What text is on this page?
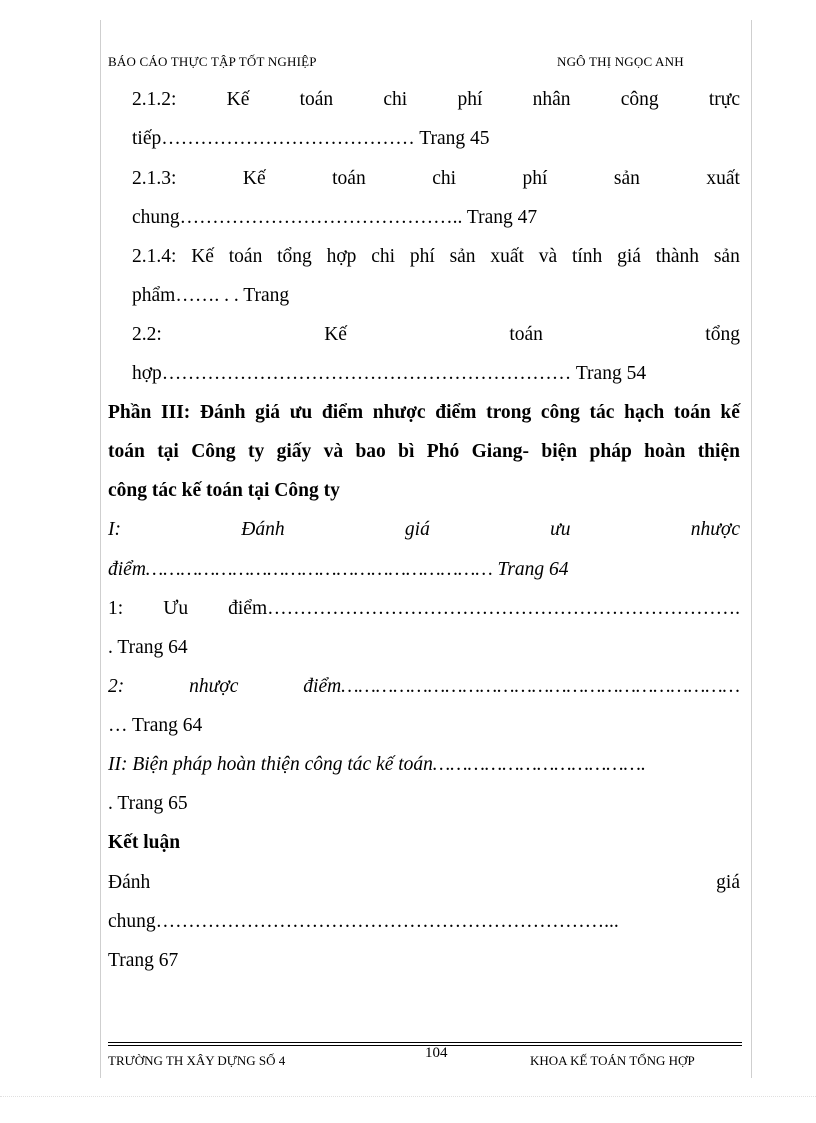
BÁO CÁO THỰC TẬP TỐT NGHIỆP	NGÔ THỊ NGỌC ANH
2.1.2:	Kế	toán	chi	phí	nhân	công	trực
tiếp………………………………… Trang 45
2.1.3:	Kế	toán	chi	phí	sản	xuất
chung…………………………………….. Trang 47
2.1.4: Kế toán tổng hợp chi phí sản xuất và tính giá thành sản
phẩm……. . . Trang
2.2:	Kế	toán	tổng
hợp……………………………………………………… Trang 54
Phần III: Đánh giá ưu điểm nhược điểm trong công tác hạch toán kế
toán tại Công ty giấy và bao bì Phó Giang- biện pháp hoàn thiện
công tác kế toán tại Công ty
I:	Đánh	giá	ưu	nhược
điểm…………………………………………………… Trang 64
1: Ưu điểm……………………………………………………………….
. Trang 64
2:	nhược	điểm……………………………………………………………
… Trang 64
II: Biện pháp hoàn thiện công tác kế toán……………………………….
. Trang 65
Kết luận
Đánh	giá
chung……………………………………………………………...
Trang 67
104
TRƯỜNG TH XÂY DỰNG SỐ 4	KHOA KẾ TOÁN TỔNG HỢP
